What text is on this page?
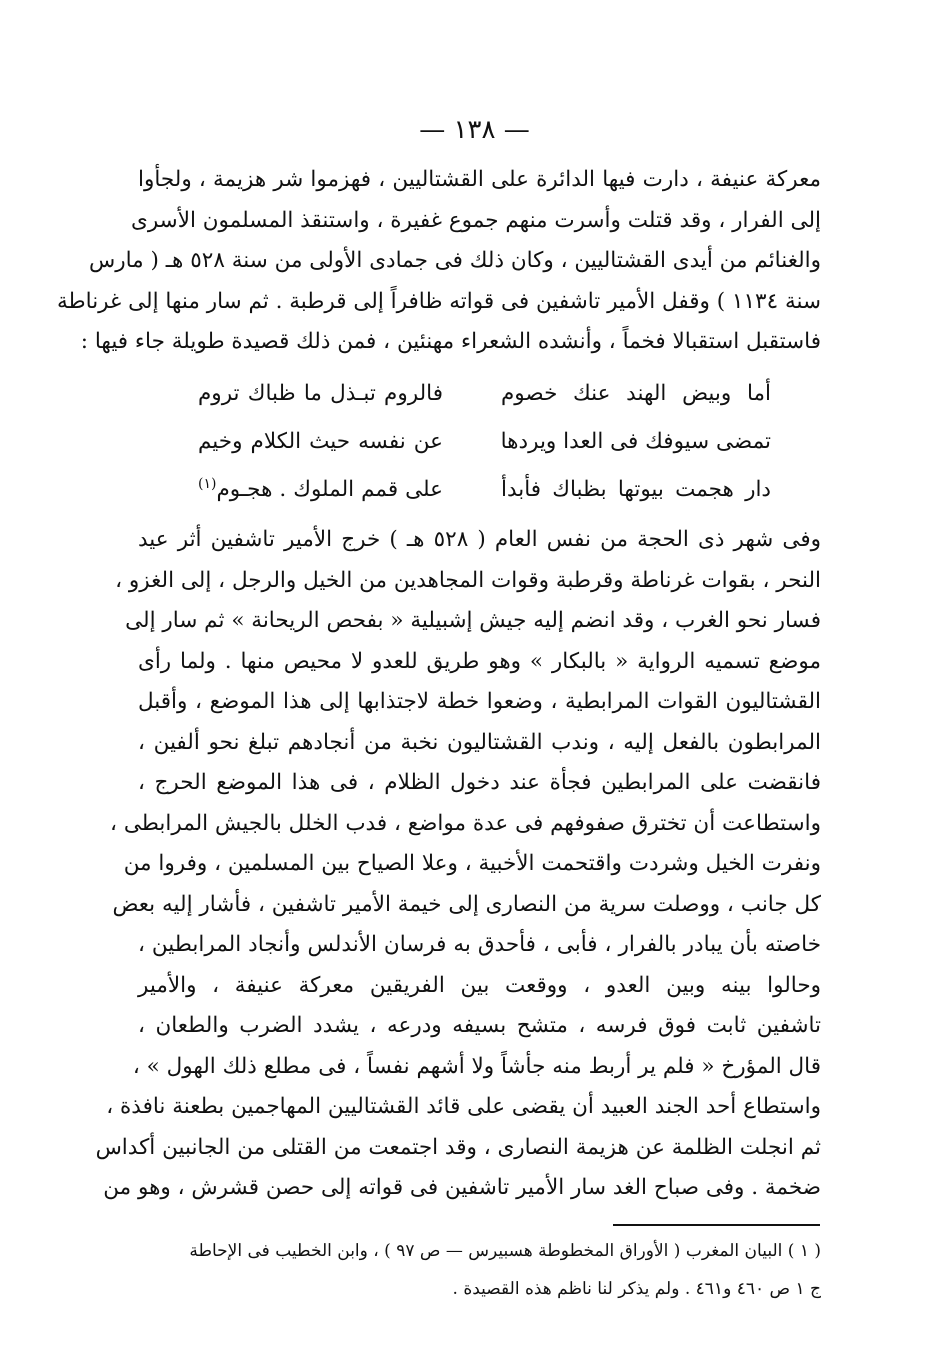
— ١٣٨ —
معركة عنيفة ، دارت فيها الدائرة على القشتاليين ، فهزموا شر هزيمة ، ولجأوا
إلى الفرار ، وقد قتلت وأسرت منهم جموع غفيرة ، واستنقذ المسلمون الأسرى
والغنائم من أيدى القشتاليين ، وكان ذلك فى جمادى الأولى من سنة ٥٢٨ هـ ( مارس
سنة ١١٣٤ ) وقفل الأمير تاشفين فى قواته ظافراً إلى قرطبة . ثم سار منها إلى غرناطة
فاستقبل استقبالا فخماً ، وأنشده الشعراء مهنئين ، فمن ذلك قصيدة طويلة جاء فيها :
أما وبيض الهند عنك خصوم
فالروم تبـذل ما ظباك تروم
تمضى سيوفك فى العدا ويردها
عن نفسه حيث الكلام وخيم
دار هجمت بيوتها بظباك فأبدأ
على قمم الملوك . هجـوم$^{(١)}$
وفى شهر ذى الحجة من نفس العام ( ٥٢٨ هـ ) خرج الأمير تاشفين أثر عيد
النحر ، بقوات غرناطة وقرطبة وقوات المجاهدين من الخيل والرجل ، إلى الغزو ،
فسار نحو الغرب ، وقد انضم إليه جيش إشبيلية « بفحص الريحانة » ثم سار إلى
موضع تسميه الرواية « بالبكار » وهو طريق للعدو لا محيص منها . ولما رأى
القشتاليون القوات المرابطية ، وضعوا خطة لاجتذابها إلى هذا الموضع ، وأقبل
المرابطون بالفعل إليه ، وندب القشتاليون نخبة من أنجادهم تبلغ نحو ألفين ،
فانقضت على المرابطين فجأة عند دخول الظلام ، فى هذا الموضع الحرج ،
واستطاعت أن تخترق صفوفهم فى عدة مواضع ، فدب الخلل بالجيش المرابطى ،
ونفرت الخيل وشردت واقتحمت الأخبية ، وعلا الصياح بين المسلمين ، وفروا من
كل جانب ، ووصلت سرية من النصارى إلى خيمة الأمير تاشفين ، فأشار إليه بعض
خاصته بأن يبادر بالفرار ، فأبى ، فأحدق به فرسان الأندلس وأنجاد المرابطين ،
وحالوا بينه وبين العدو ، ووقعت بين الفريقين معركة عنيفة ، والأمير
تاشفين ثابت فوق فرسه ، متشح بسيفه ودرعه ، يشدد الضرب والطعان ،
قال المؤرخ « فلم ير أربط منه جأشاً ولا أشهم نفساً ، فى مطلع ذلك الهول » ،
واستطاع أحد الجند العبيد أن يقضى على قائد القشتاليين المهاجمين بطعنة نافذة ،
ثم انجلت الظلمة عن هزيمة النصارى ، وقد اجتمعت من القتلى من الجانبين أكداس
ضخمة . وفى صباح الغد سار الأمير تاشفين فى قواته إلى حصن قشرش ، وهو من
( ١ ) البيان المغرب ( الأوراق المخطوطة هسبيرس — ص ٩٧ ) ، وابن الخطيب فى الإحاطة
ج ١ ص ٤٦٠ و٤٦١ . ولم يذكر لنا ناظم هذه القصيدة .
